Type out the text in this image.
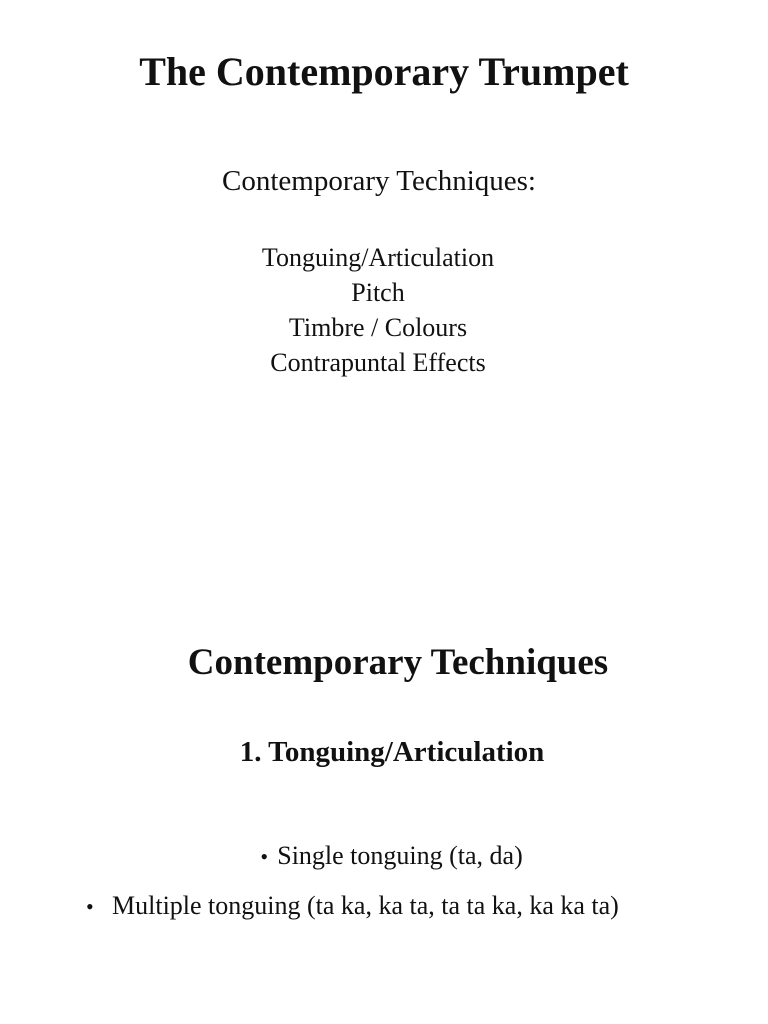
The Contemporary Trumpet

Contemporary Techniques:

Tonguing/Articulation
Pitch
Timbre / Colours
Contrapuntal Effects
Contemporary Techniques
1. Tonguing/Articulation
• Single tonguing (ta, da)
• Multiple tonguing (ta ka, ka ta, ta ta ka, ka ka ta)
